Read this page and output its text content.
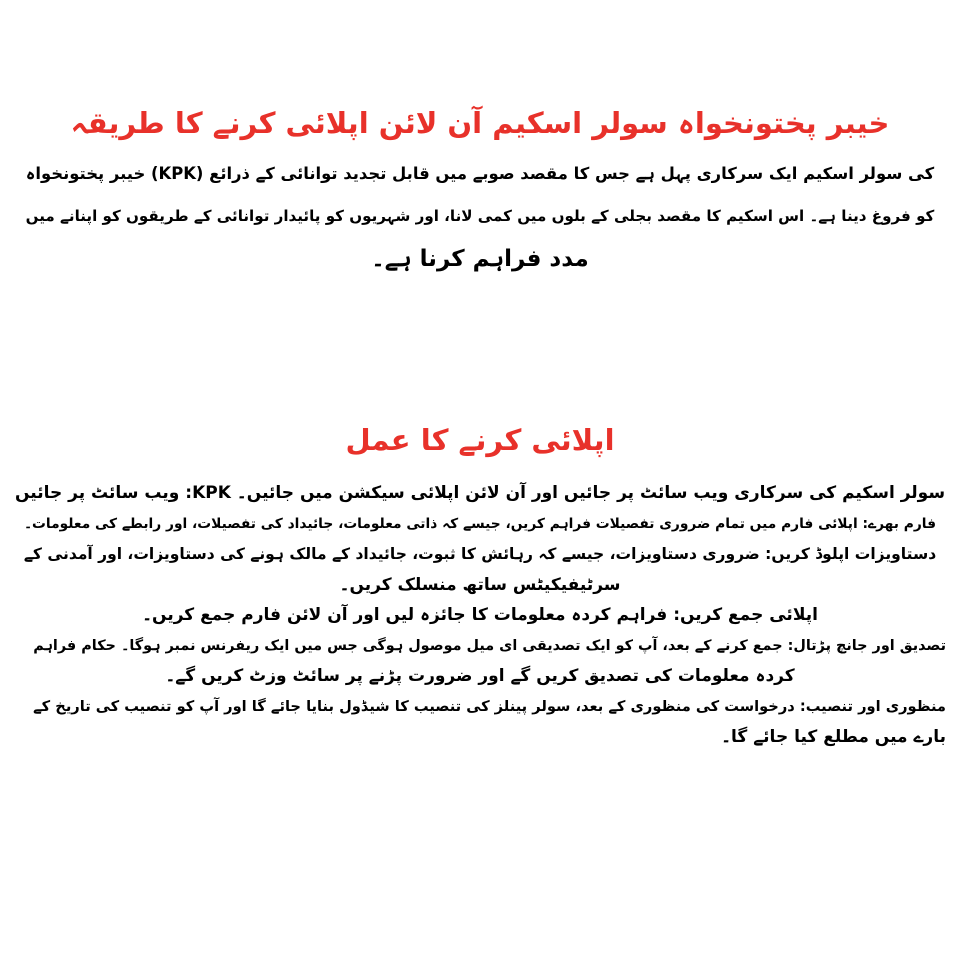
خیبر پختونخواہ سولر اسکیم آن لائن اپلائی کرنے کا طریقہ
کی سولر اسکیم ایک سرکاری پہل ہے جس کا مقصد صوبے میں قابل تجدید توانائی کے ذرائع (KPK) خیبر پختونخواہ
کو فروغ دینا ہے۔ اس اسکیم کا مقصد بجلی کے بلوں میں کمی لانا، اور شہریوں کو پائیدار توانائی کے طریقوں کو اپنانے میں
مدد فراہم کرنا ہے۔
اپلائی کرنے کا عمل
سولر اسکیم کی سرکاری ویب سائٹ پر جائیں اور آن لائن اپلائی سیکشن میں جائیں۔ KPK: ویب سائٹ پر جائیں
فارم بھرے: اپلائی فارم میں تمام ضروری تفصیلات فراہم کریں، جیسے کہ ذاتی معلومات، جائیداد کی تفصیلات، اور رابطے کی معلومات۔
دستاویزات اپلوڈ کریں: ضروری دستاویزات، جیسے کہ رہائش کا ثبوت، جائیداد کے مالک ہونے کی دستاویزات، اور آمدنی کے
سرٹیفیکیٹس ساتھ منسلک کریں۔
اپلائی جمع کریں: فراہم کردہ معلومات کا جائزہ لیں اور آن لائن فارم جمع کریں۔
تصدیق اور جانچ پڑتال: جمع کرنے کے بعد، آپ کو ایک تصدیقی ای میل موصول ہوگی جس میں ایک ریفرنس نمبر ہوگا۔ حکام فراہم
کردہ معلومات کی تصدیق کریں گے اور ضرورت پڑنے پر سائٹ وزٹ کریں گے۔
منظوری اور تنصیب: درخواست کی منظوری کے بعد، سولر پینلز کی تنصیب کا شیڈول بنایا جائے گا اور آپ کو تنصیب کی تاریخ کے
بارے میں مطلع کیا جائے گا۔
